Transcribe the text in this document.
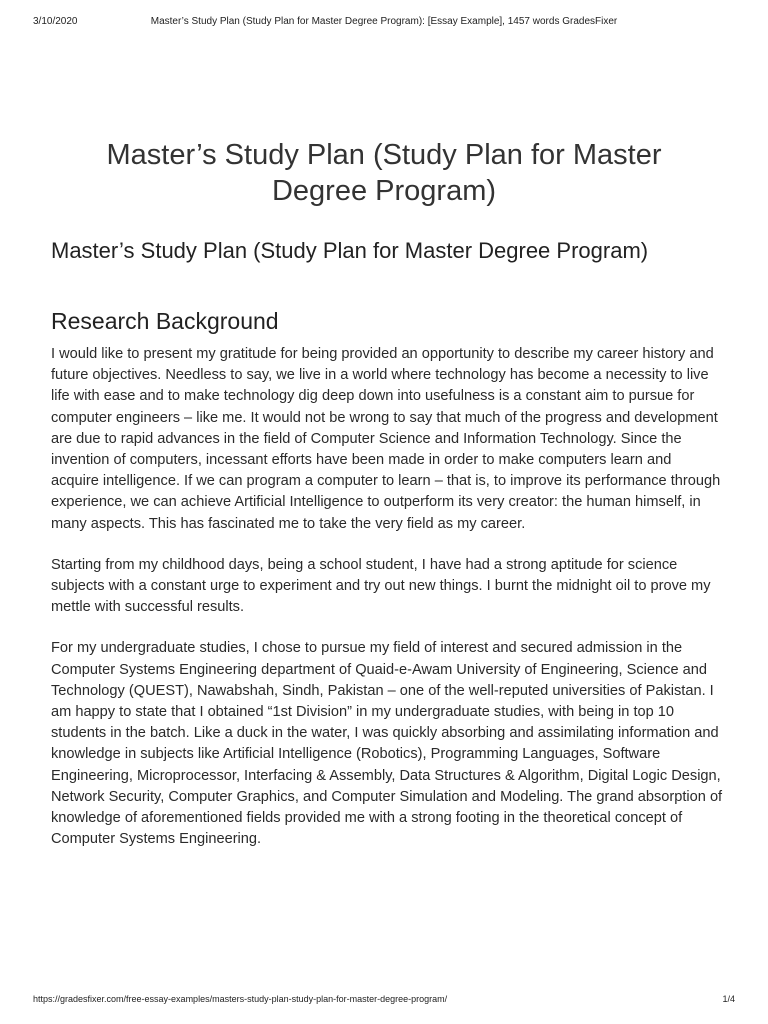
3/10/2020	Master’s Study Plan (Study Plan for Master Degree Program): [Essay Example], 1457 words GradesFixer
Master’s Study Plan (Study Plan for Master Degree Program)
Master’s Study Plan (Study Plan for Master Degree Program)
Research Background

I would like to present my gratitude for being provided an opportunity to describe my career history and future objectives. Needless to say, we live in a world where technology has become a necessity to live life with ease and to make technology dig deep down into usefulness is a constant aim to pursue for computer engineers – like me. It would not be wrong to say that much of the progress and development are due to rapid advances in the field of Computer Science and Information Technology. Since the invention of computers, incessant efforts have been made in order to make computers learn and acquire intelligence. If we can program a computer to learn – that is, to improve its performance through experience, we can achieve Artificial Intelligence to outperform its very creator: the human himself, in many aspects. This has fascinated me to take the very field as my career.

Starting from my childhood days, being a school student, I have had a strong aptitude for science subjects with a constant urge to experiment and try out new things. I burnt the midnight oil to prove my mettle with successful results.

For my undergraduate studies, I chose to pursue my field of interest and secured admission in the Computer Systems Engineering department of Quaid-e-Awam University of Engineering, Science and Technology (QUEST), Nawabshah, Sindh, Pakistan – one of the well-reputed universities of Pakistan. I am happy to state that I obtained “1st Division” in my undergraduate studies, with being in top 10 students in the batch. Like a duck in the water, I was quickly absorbing and assimilating information and knowledge in subjects like Artificial Intelligence (Robotics), Programming Languages, Software Engineering, Microprocessor, Interfacing & Assembly, Data Structures & Algorithm, Digital Logic Design, Network Security, Computer Graphics, and Computer Simulation and Modeling. The grand absorption of knowledge of aforementioned fields provided me with a strong footing in the theoretical concept of Computer Systems Engineering.

https://gradesfixer.com/free-essay-examples/masters-study-plan-study-plan-for-master-degree-program/	1/4
